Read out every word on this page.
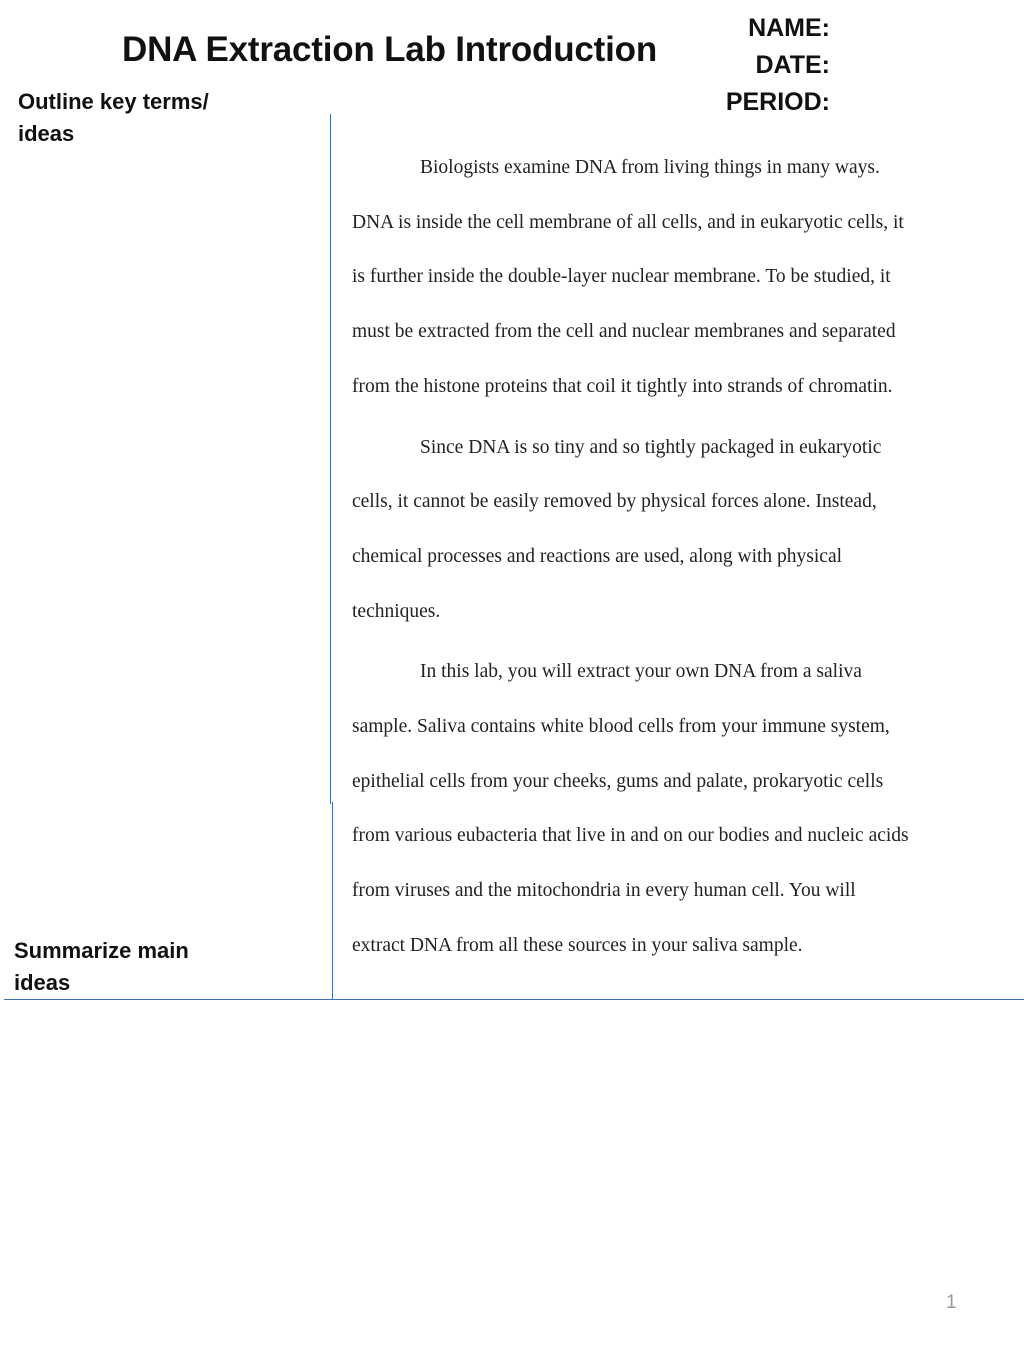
DNA Extraction Lab Introduction
NAME:
DATE:
PERIOD:
Outline key terms/
ideas
Summarize main
ideas
Biologists examine DNA from living things in many ways.
DNA is inside the cell membrane of all cells, and in eukaryotic cells, it
is further inside the double-layer nuclear membrane. To be studied, it
must be extracted from the cell and nuclear membranes and separated
from the histone proteins that coil it tightly into strands of chromatin.
Since DNA is so tiny and so tightly packaged in eukaryotic
cells, it cannot be easily removed by physical forces alone. Instead,
chemical processes and reactions are used, along with physical
techniques.
In this lab, you will extract your own DNA from a saliva
sample. Saliva contains white blood cells from your immune system,
epithelial cells from your cheeks, gums and palate, prokaryotic cells
from various eubacteria that live in and on our bodies and nucleic acids
from viruses and the mitochondria in every human cell. You will
extract DNA from all these sources in your saliva sample.
1
